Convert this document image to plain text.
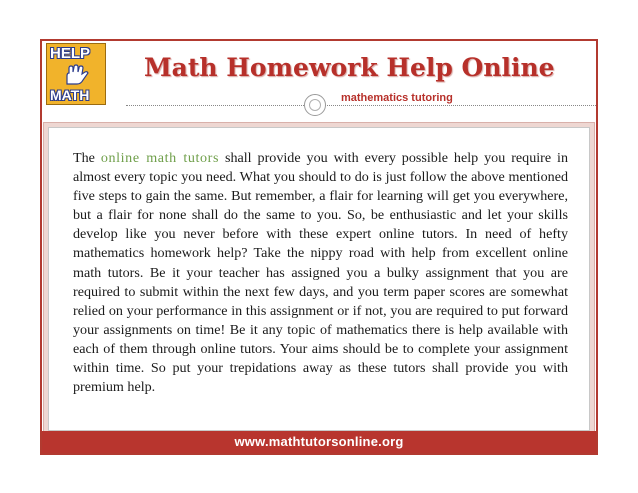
HELP
MATH
Math Homework Help Online
mathematics tutoring

The online math tutors shall provide you with every possible help you require in almost every topic you need. What you should to do is just follow the above mentioned five steps to gain the same. But remember, a flair for learning will get you everywhere, but a flair for none shall do the same to you. So, be enthusiastic and let your skills develop like you never before with these expert online tutors. In need of hefty mathematics homework help? Take the nippy road with help from excellent online math tutors. Be it your teacher has assigned you a bulky assignment that you are required to submit within the next few days, and you term paper scores are somewhat relied on your performance in this assignment or if not, you are required to put forward your assignments on time! Be it any topic of mathematics there is help available with each of them through online tutors. Your aims should be to complete your assignment within time. So put your trepidations away as these tutors shall provide you with premium help.

www.mathtutorsonline.org
